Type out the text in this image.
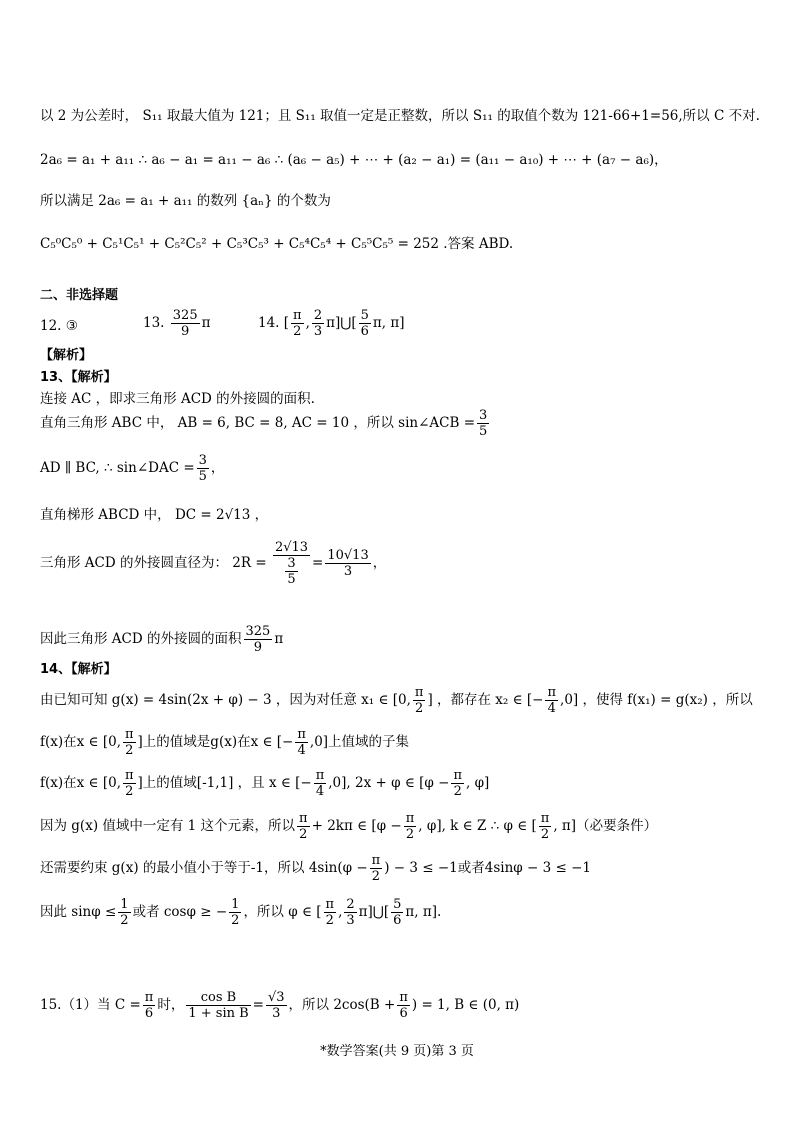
以 2 为公差时， S₁₁ 取最大值为 121；且 S₁₁ 取值一定是正整数，所以 S₁₁ 的取值个数为 121-66+1=56,所以 C 不对.
2a₆ = a₁ + a₁₁ ∴ a₆ − a₁ = a₁₁ − a₆ ∴ (a₆ − a₅) + ⋯ + (a₂ − a₁) = (a₁₁ − a₁₀) + ⋯ + (a₇ − a₆)，
所以满足 2a₆ = a₁ + a₁₁ 的数列 {aₙ} 的个数为
C₅⁰C₅⁰ + C₅¹C₅¹ + C₅²C₅² + C₅³C₅³ + C₅⁴C₅⁴ + C₅⁵C₅⁵ = 252 .答案 ABD.
二、非选择题
12. ③	13. $\frac{325}{9}$ π	14. [ $\frac{\pi}{2}$ , $\frac{2}{3}$ π]⋃[ $\frac{5}{6} \pi$, π]
【解析】
13、【解析】
连接 AC ，即求三角形 ACD 的外接圆的面积.
直角三角形 ABC 中， AB = 6, BC = 8, AC = 10 ，所以 sin∠ACB = $\frac{3}{5}$
AD ∥ BC, ∴ sin∠DAC = $\frac{3}{5}$ ，
直角梯形 ABCD 中， DC = 2√13 ，
三角形 ACD 的外接圆直径为： $2R = \frac{2√13}{\frac{3}{5}} = \frac{10√13}{3}$ ，
因此三角形 ACD 的外接圆的面积 $\frac{325}{9}$ π
14、【解析】
由已知可知 g(x) = 4sin(2x + φ) − 3 ，因为对任意 x₁ ∈ [0, $\frac{\pi}{2}$ ] ，都存在 x₂ ∈ [− $\frac{\pi}{4} ,0$] ，使得 f(x₁) = g(x₂) ，所以
f(x)在x ∈ [0, $\frac{\pi}{2}$ ]上的值域是g(x)在x ∈ [− $\frac{\pi}{4} ,0$]上值域的子集
f(x)在x ∈ [0, $\frac{\pi}{2}$ ]上的值域[-1,1] ，且 x ∈ [− $\frac{\pi}{4} ,0$], 2x + φ ∈ [$\varphi - \frac{\pi}{2}$ , φ]
因为 g(x) 值域中一定有 1 这个元素，所以 $\frac{\pi}{2} + 2k\pi$ ∈ [$\varphi - \frac{\pi}{2}$ , φ], k ∈ Z ∴ φ ∈ [ $\frac{\pi}{2}$ , π]（必要条件）
还需要约束 g(x) 的最小值小于等于-1，所以 $4\sin(\varphi - \frac{\pi}{2}$ ) − 3 ≤ −1或者4sinφ − 3 ≤ −1
因此 $\sin\varphi \le \frac{1}{2}$ 或者 cosφ ≥ − $\frac{1}{2}$ ，所以 φ ∈ [ $\frac{\pi}{2}$ , $\frac{2}{3}$ π]⋃[ $\frac{5}{6} \pi$, π].
15.（1）当 $C = \frac{\pi}{6}$ 时， $\frac{\text{cos B}}{\text{1 + sin B}} = \frac{√3}{3}$ ，所以 $2\cos(B + \frac{\pi}{6}$ ) = 1, B ∈ (0, π)
*数学答案(共 9 页)第 3 页
